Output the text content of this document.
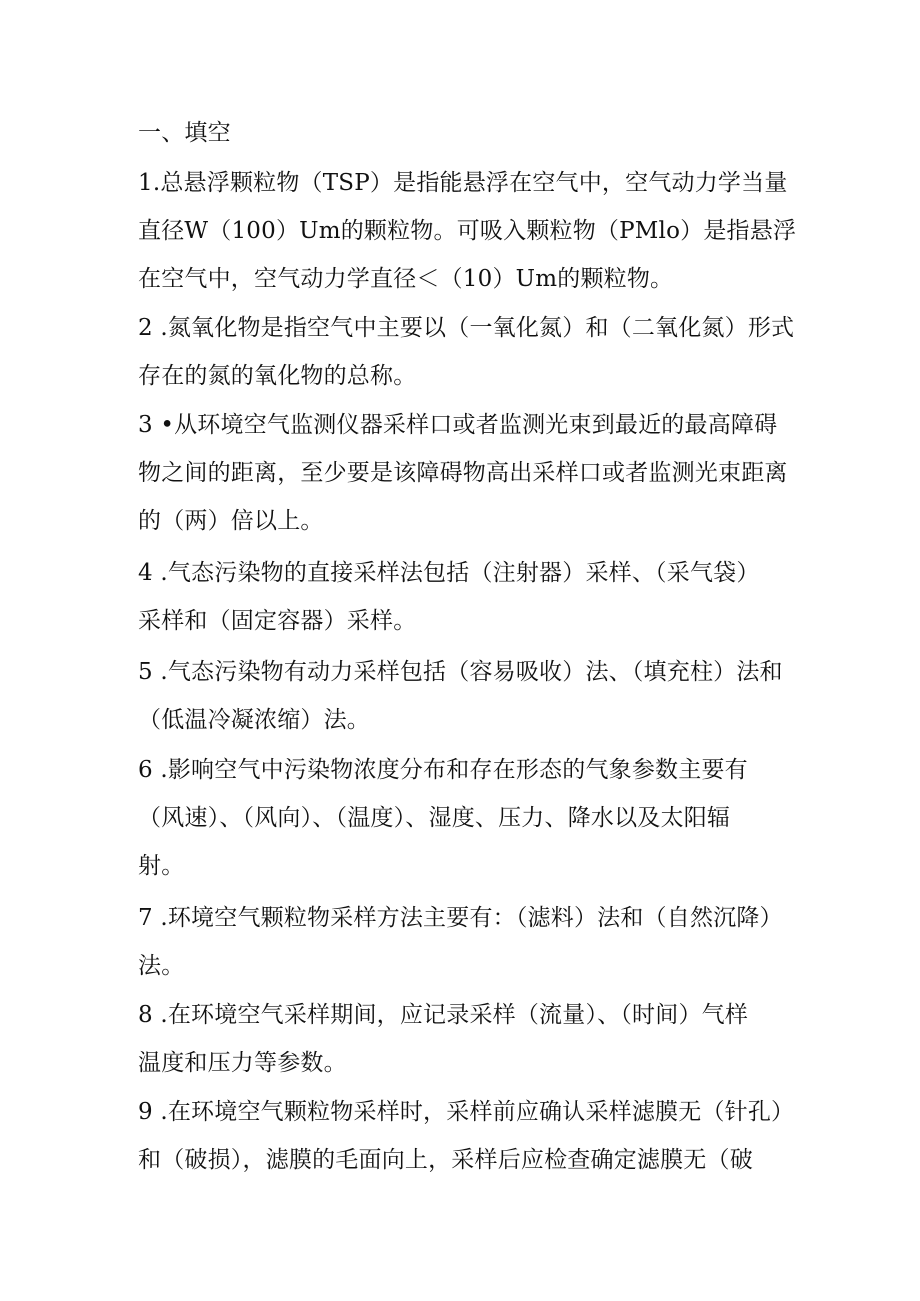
一、填空
1.总悬浮颗粒物（TSP）是指能悬浮在空气中，空气动力学当量
直径W（100）Um的颗粒物。可吸入颗粒物（PMlo）是指悬浮
在空气中，空气动力学直径＜（10）Um的颗粒物。
2 .氮氧化物是指空气中主要以（一氧化氮）和（二氧化氮）形式
存在的氮的氧化物的总称。
3 •从环境空气监测仪器采样口或者监测光束到最近的最高障碍
物之间的距离，至少要是该障碍物高出采样口或者监测光束距离
的（两）倍以上。
4 .气态污染物的直接采样法包括（注射器）采样、（采气袋）
采样和（固定容器）采样。
5 .气态污染物有动力采样包括（容易吸收）法、（填充柱）法和
（低温冷凝浓缩）法。
6 .影响空气中污染物浓度分布和存在形态的气象参数主要有
（风速）、（风向）、（温度）、湿度、压力、降水以及太阳辐
射。
7 .环境空气颗粒物采样方法主要有：（滤料）法和（自然沉降）
法。
8 .在环境空气采样期间，应记录采样（流量）、（时间）气样
温度和压力等参数。
9 .在环境空气颗粒物采样时，采样前应确认采样滤膜无（针孔）
和（破损），滤膜的毛面向上，采样后应检查确定滤膜无（破
